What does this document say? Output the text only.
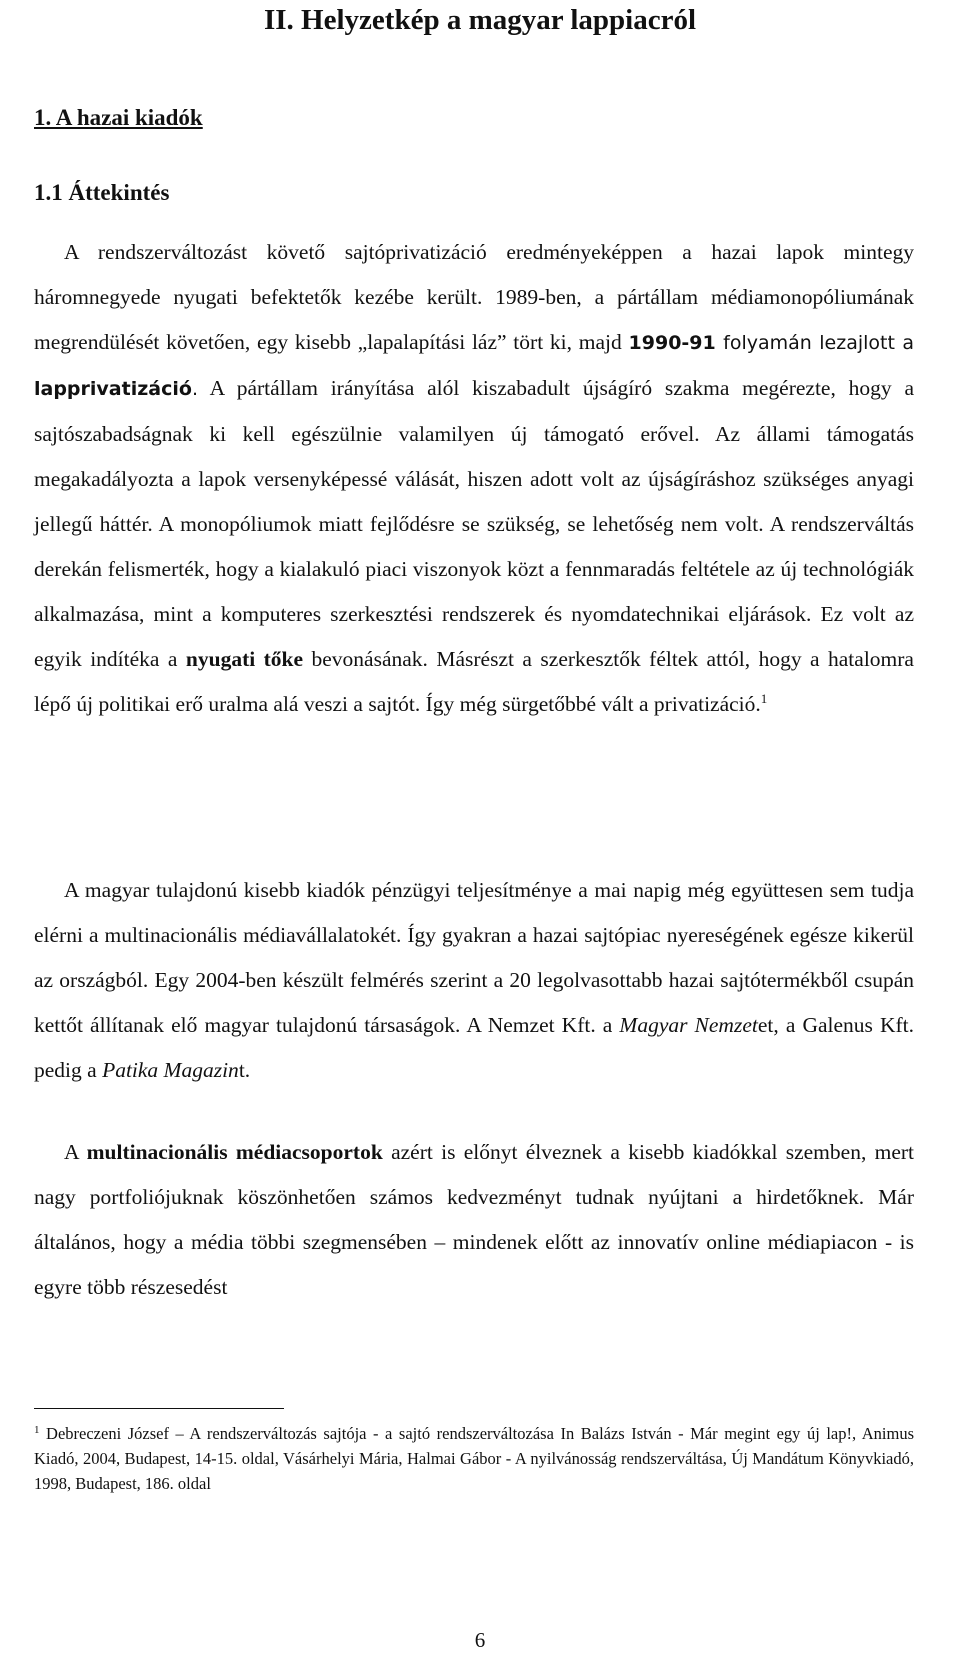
II. Helyzetkép a magyar lappiacról
1. A hazai kiadók
1.1 Áttekintés
A rendszerváltozást követő sajtóprivatizáció eredményeképpen a hazai lapok mintegy háromnegyede nyugati befektetők kezébe került. 1989-ben, a pártállam médiamonopóliumának megrendülését követően, egy kisebb „lapalapítási láz” tört ki, majd 1990-91 folyamán lezajlott a lapprivatizáció. A pártállam irányítása alól kiszabadult újságíró szakma megérezte, hogy a sajtószabadságnak ki kell egészülnie valamilyen új támogató erővel. Az állami támogatás megakadályozta a lapok versenyképessé válását, hiszen adott volt az újságíráshoz szükséges anyagi jellegű háttér. A monopóliumok miatt fejlődésre se szükség, se lehetőség nem volt. A rendszerváltás derekán felismerték, hogy a kialakuló piaci viszonyok közt a fennmaradás feltétele az új technológiák alkalmazása, mint a komputeres szerkesztési rendszerek és nyomdatechnikai eljárások. Ez volt az egyik indítéka a nyugati tőke bevonásának. Másrészt a szerkesztők féltek attól, hogy a hatalomra lépő új politikai erő uralma alá veszi a sajtót. Így még sürgetőbbé vált a privatizáció.$^1$
A magyar tulajdonú kisebb kiadók pénzügyi teljesítménye a mai napig még együttesen sem tudja elérni a multinacionális médiavállalatokét. Így gyakran a hazai sajtópiac nyereségének egésze kikerül az országból. Egy 2004-ben készült felmérés szerint a 20 legolvasottabb hazai sajtótermékből csupán kettőt állítanak elő magyar tulajdonú társaságok. A Nemzet Kft. a Magyar Nemzetet, a Galenus Kft. pedig a Patika Magazint.
A multinacionális médiacsoportok azért is előnyt élveznek a kisebb kiadókkal szemben, mert nagy portfoliójuknak köszönhetően számos kedvezményt tudnak nyújtani a hirdetőknek. Már általános, hogy a média többi szegmensében – mindenek előtt az innovatív online médiapiacon - is egyre több részesedést
$^1$ Debreczeni József – A rendszerváltozás sajtója - a sajtó rendszerváltozása In Balázs István - Már megint egy új lap!, Animus Kiadó, 2004, Budapest, 14-15. oldal, Vásárhelyi Mária, Halmai Gábor - A nyilvánosság rendszerváltása, Új Mandátum Könyvkiadó, 1998, Budapest, 186. oldal
6
